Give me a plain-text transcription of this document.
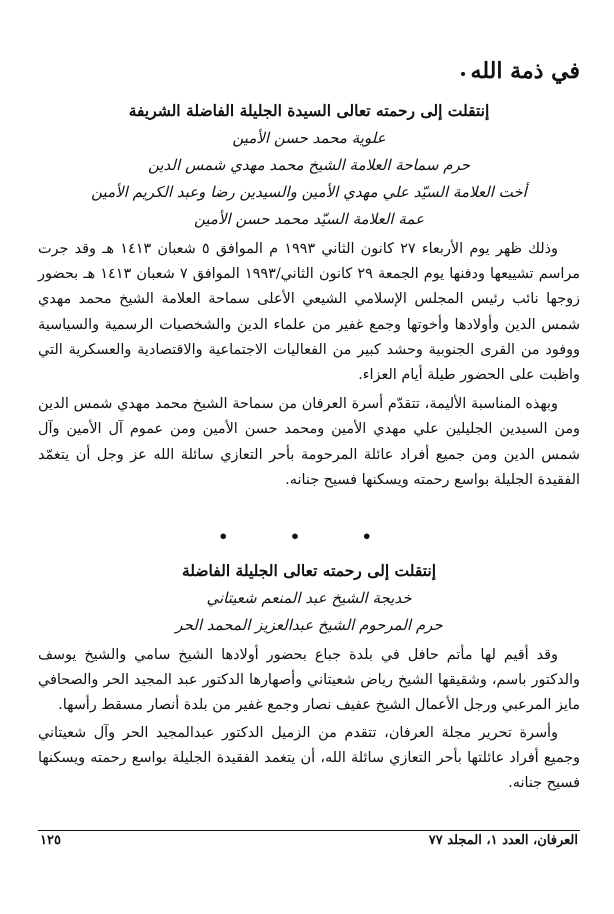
في ذمة الله
إنتقلت إلى رحمته تعالى السيدة الجليلة الفاضلة الشريفة
علوية محمد حسن الأمين
حرم سماحة العلامة الشيخ محمد مهدي شمس الدين
أخت العلامة السيّد علي مهدي الأمين والسيدين رضا وعبد الكريم الأمين
عمة العلامة السيّد محمد حسن الأمين

وذلك ظهر يوم الأربعاء ٢٧ كانون الثاني ١٩٩٣ م الموافق ٥ شعبان ١٤١٣ هـ وقد جرت مراسم تشييعها ودفنها يوم الجمعة ٢٩ كانون الثاني/١٩٩٣ الموافق ٧ شعبان ١٤١٣ هـ بحضور زوجها نائب رئيس المجلس الإسلامي الشيعي الأعلى سماحة العلامة الشيخ محمد مهدي شمس الدين وأولادها وأخوتها وجمع غفير من علماء الدين والشخصيات الرسمية والسياسية ووفود من القرى الجنوبية وحشد كبير من الفعاليات الاجتماعية والاقتصادية والعسكرية التي واظبت على الحضور طيلة أيام العزاء.

وبهذه المناسبة الأليمة، تتقدّم أسرة العرفان من سماحة الشيخ محمد مهدي شمس الدين ومن السيدين الجليلين علي مهدي الأمين ومحمد حسن الأمين ومن عموم آل الأمين وآل شمس الدين ومن جميع أفراد عائلة المرحومة بأحر التعازي سائلة الله عز وجل أن يتغمّد الفقيدة الجليلة بواسع رحمته ويسكنها فسيح جنانه.

• • •
إنتقلت إلى رحمته تعالى الجليلة الفاضلة
خديجة الشيخ عبد المنعم شعيتاني
حرم المرحوم الشيخ عبدالعزيز المحمد الحر

وقد أقيم لها مأتم حافل في بلدة جباع بحضور أولادها الشيخ سامي والشيخ يوسف والدكتور باسم، وشقيقها الشيخ رياض شعيتاني وأصهارها الدكتور عبد المجيد الحر والصحافي مايز المرعبي ورجل الأعمال الشيخ عفيف نصار وجمع غفير من بلدة أنصار مسقط رأسها.

وأسرة تحرير مجلة العرفان، تتقدم من الزميل الدكتور عبدالمجيد الحر وآل شعيتاني وجميع أفراد عائلتها بأحر التعازي سائلة الله، أن يتغمد الفقيدة الجليلة بواسع رحمته ويسكنها فسيح جنانه.

١٢٥	العرفان، العدد ١، المجلد ٧٧
